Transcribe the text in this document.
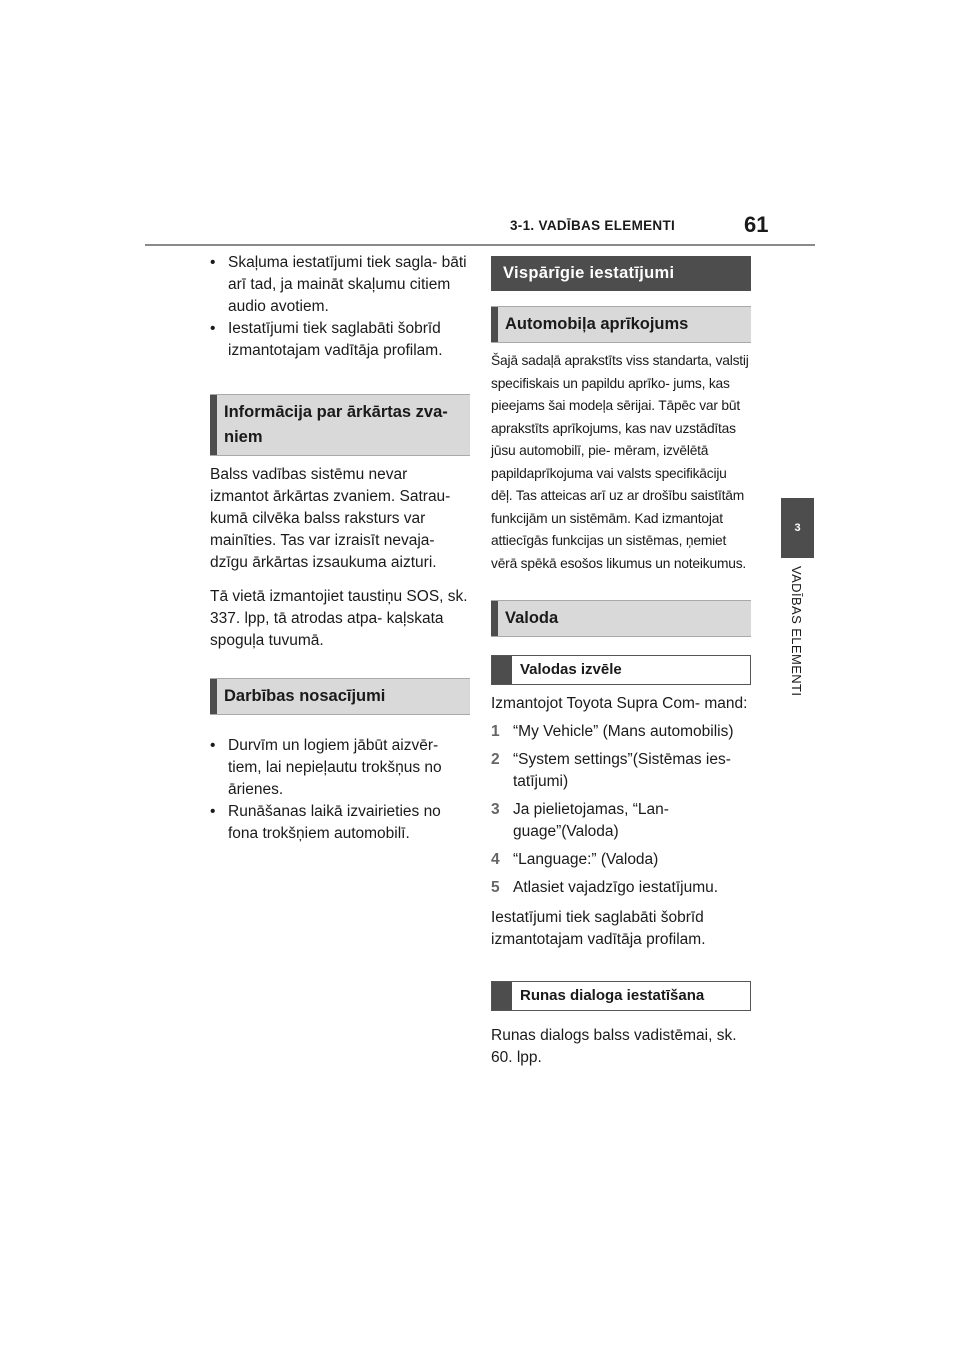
3-1. VADĪBAS ELEMENTI	61
3
VADĪBAS ELEMENTI
• Skaļuma iestatījumi tiek sagla- bāti arī tad, ja maināt skaļumu citiem audio avotiem.
• Iestatījumi tiek saglabāti šobrīd izmantotajam vadītāja profilam.
Informācija par ārkārtas zva- niem

Balss vadības sistēmu nevar izmantot ārkārtas zvaniem. Satrau- kumā cilvēka balss raksturs var mainīties. Tas var izraisīt nevaja- dzīgu ārkārtas izsaukuma aizturi.

Tā vietā izmantojiet taustiņu SOS, sk. 337. lpp, tā atrodas atpa- kaļskata spoguļa tuvumā.

Darbības nosacījumi
• Durvīm un logiem jābūt aizvēr- tiem, lai nepieļautu trokšņus no ārienes.
• Runāšanas laikā izvairieties no fona trokšņiem automobilī.
Vispārīgie iestatījumi
Automobiļa aprīkojums

Šajā sadaļā aprakstīts viss standarta, valstij specifiskais un papildu aprīko- jums, kas pieejams šai modeļa sērijai. Tāpēc var būt aprakstīts aprīkojums, kas nav uzstādītas jūsu automobilī, pie- mēram, izvēlētā papildaprīkojuma vai valsts specifikāciju dēļ. Tas atteicas arī uz ar drošību saistītām funkcijām un sistēmām. Kad izmantojat attiecīgās funkcijas un sistēmas, ņemiet vērā spēkā esošos likumus un noteikumus.

Valoda
Valodas izvēle

Izmantojot Toyota Supra Com- mand:

1 “My Vehicle” (Mans automobilis)
2 “System settings”(Sistēmas ies- tatījumi)
3 Ja pielietojamas, “Lan- guage”(Valoda)
4 “Language:” (Valoda)
5 Atlasiet vajadzīgo iestatījumu.

Iestatījumi tiek saglabāti šobrīd izmantotajam vadītāja profilam.

Runas dialoga iestatīšana

Runas dialogs balss vadistēmai, sk. 60. lpp.
